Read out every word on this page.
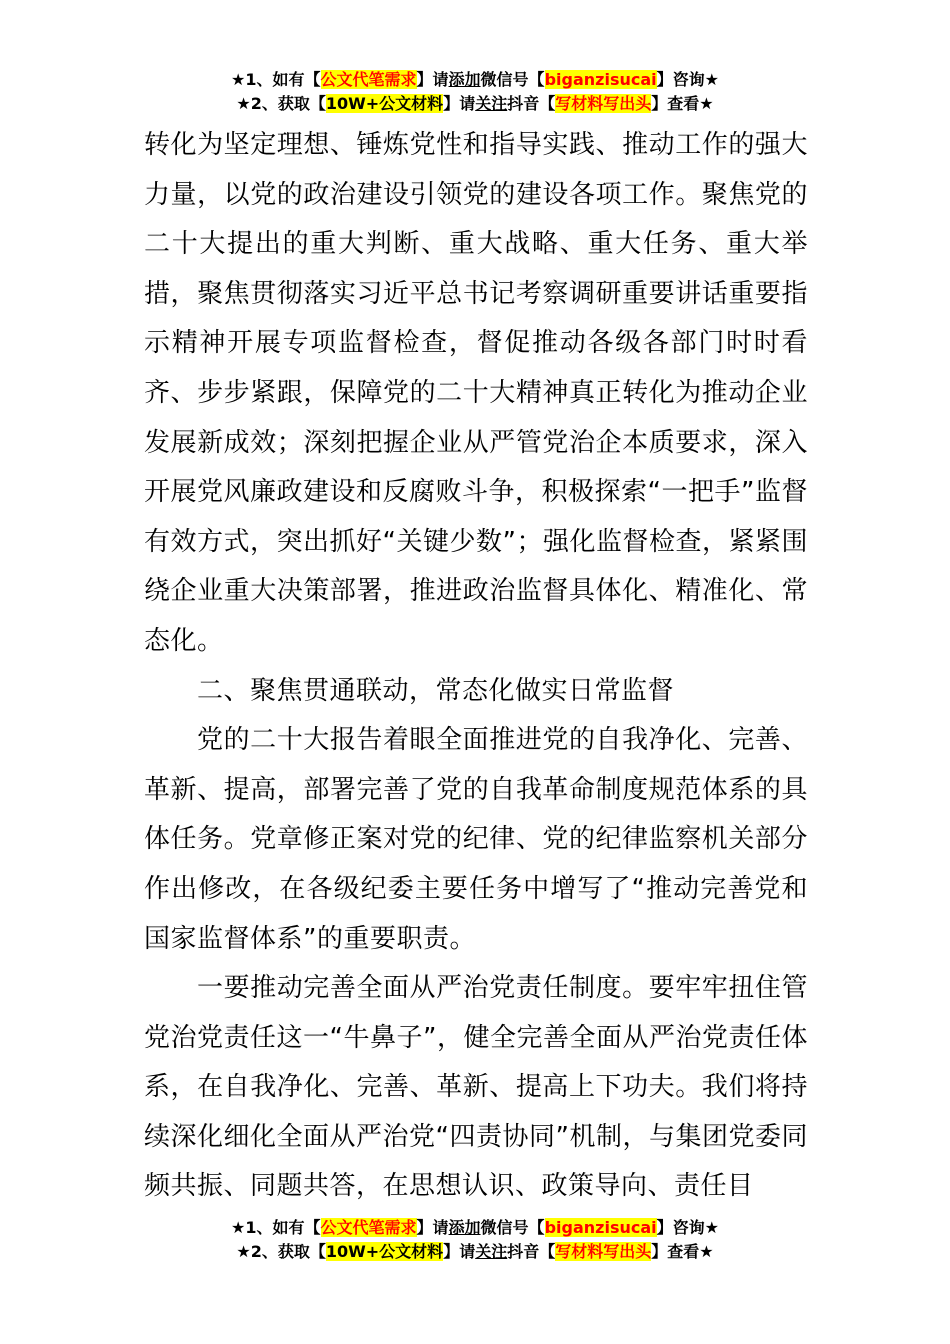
★1、如有【公文代笔需求】请添加微信号【biganzisucai】咨询★
★2、获取【10W+公文材料】请关注抖音【写材料写出头】查看★

转化为坚定理想、锤炼党性和指导实践、推动工作的强大力量，以党的政治建设引领党的建设各项工作。聚焦党的二十大提出的重大判断、重大战略、重大任务、重大举措，聚焦贯彻落实习近平总书记考察调研重要讲话重要指示精神开展专项监督检查，督促推动各级各部门时时看齐、步步紧跟，保障党的二十大精神真正转化为推动企业发展新成效；深刻把握企业从严管党治企本质要求，深入开展党风廉政建设和反腐败斗争，积极探索“一把手”监督有效方式，突出抓好“关键少数”；强化监督检查，紧紧围绕企业重大决策部署，推进政治监督具体化、精准化、常态化。

二、聚焦贯通联动，常态化做实日常监督

党的二十大报告着眼全面推进党的自我净化、完善、革新、提高，部署完善了党的自我革命制度规范体系的具体任务。党章修正案对党的纪律、党的纪律监察机关部分作出修改，在各级纪委主要任务中增写了“推动完善党和国家监督体系”的重要职责。

一要推动完善全面从严治党责任制度。要牢牢扭住管党治党责任这一“牛鼻子”，健全完善全面从严治党责任体系，在自我净化、完善、革新、提高上下功夫。我们将持续深化细化全面从严治党“四责协同”机制，与集团党委同频共振、同题共答，在思想认识、政策导向、责任目

★1、如有【公文代笔需求】请添加微信号【biganzisucai】咨询★
★2、获取【10W+公文材料】请关注抖音【写材料写出头】查看★
